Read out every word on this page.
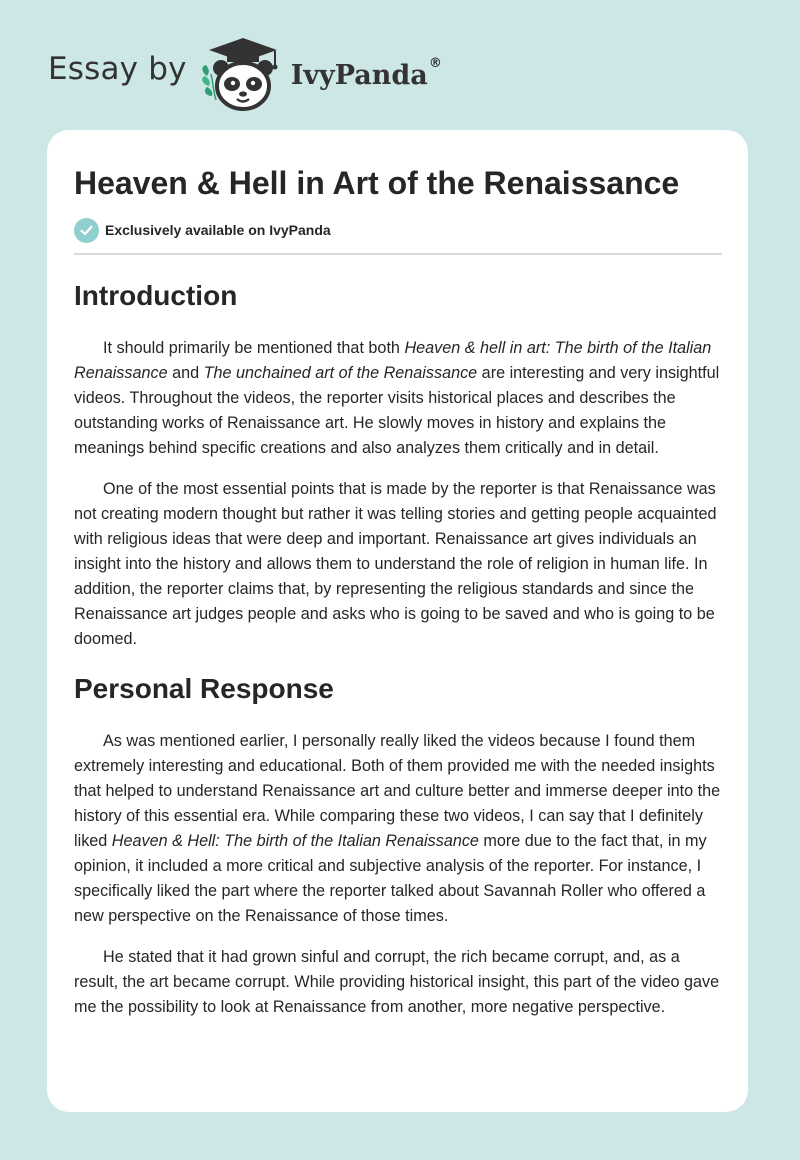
Essay by	IvyPanda®
Heaven & Hell in Art of the Renaissance
Exclusively available on IvyPanda
Introduction

It should primarily be mentioned that both Heaven & hell in art: The birth of the Italian Renaissance and The unchained art of the Renaissance are interesting and very insightful videos. Throughout the videos, the reporter visits historical places and describes the outstanding works of Renaissance art. He slowly moves in history and explains the meanings behind specific creations and also analyzes them critically and in detail.

One of the most essential points that is made by the reporter is that Renaissance was not creating modern thought but rather it was telling stories and getting people acquainted with religious ideas that were deep and important. Renaissance art gives individuals an insight into the history and allows them to understand the role of religion in human life. In addition, the reporter claims that, by representing the religious standards and since the Renaissance art judges people and asks who is going to be saved and who is going to be doomed.

Personal Response

As was mentioned earlier, I personally really liked the videos because I found them extremely interesting and educational. Both of them provided me with the needed insights that helped to understand Renaissance art and culture better and immerse deeper into the history of this essential era. While comparing these two videos, I can say that I definitely liked Heaven & Hell: The birth of the Italian Renaissance more due to the fact that, in my opinion, it included a more critical and subjective analysis of the reporter. For instance, I specifically liked the part where the reporter talked about Savannah Roller who offered a new perspective on the Renaissance of those times.

He stated that it had grown sinful and corrupt, the rich became corrupt, and, as a result, the art became corrupt. While providing historical insight, this part of the video gave me the possibility to look at Renaissance from another, more negative perspective.
